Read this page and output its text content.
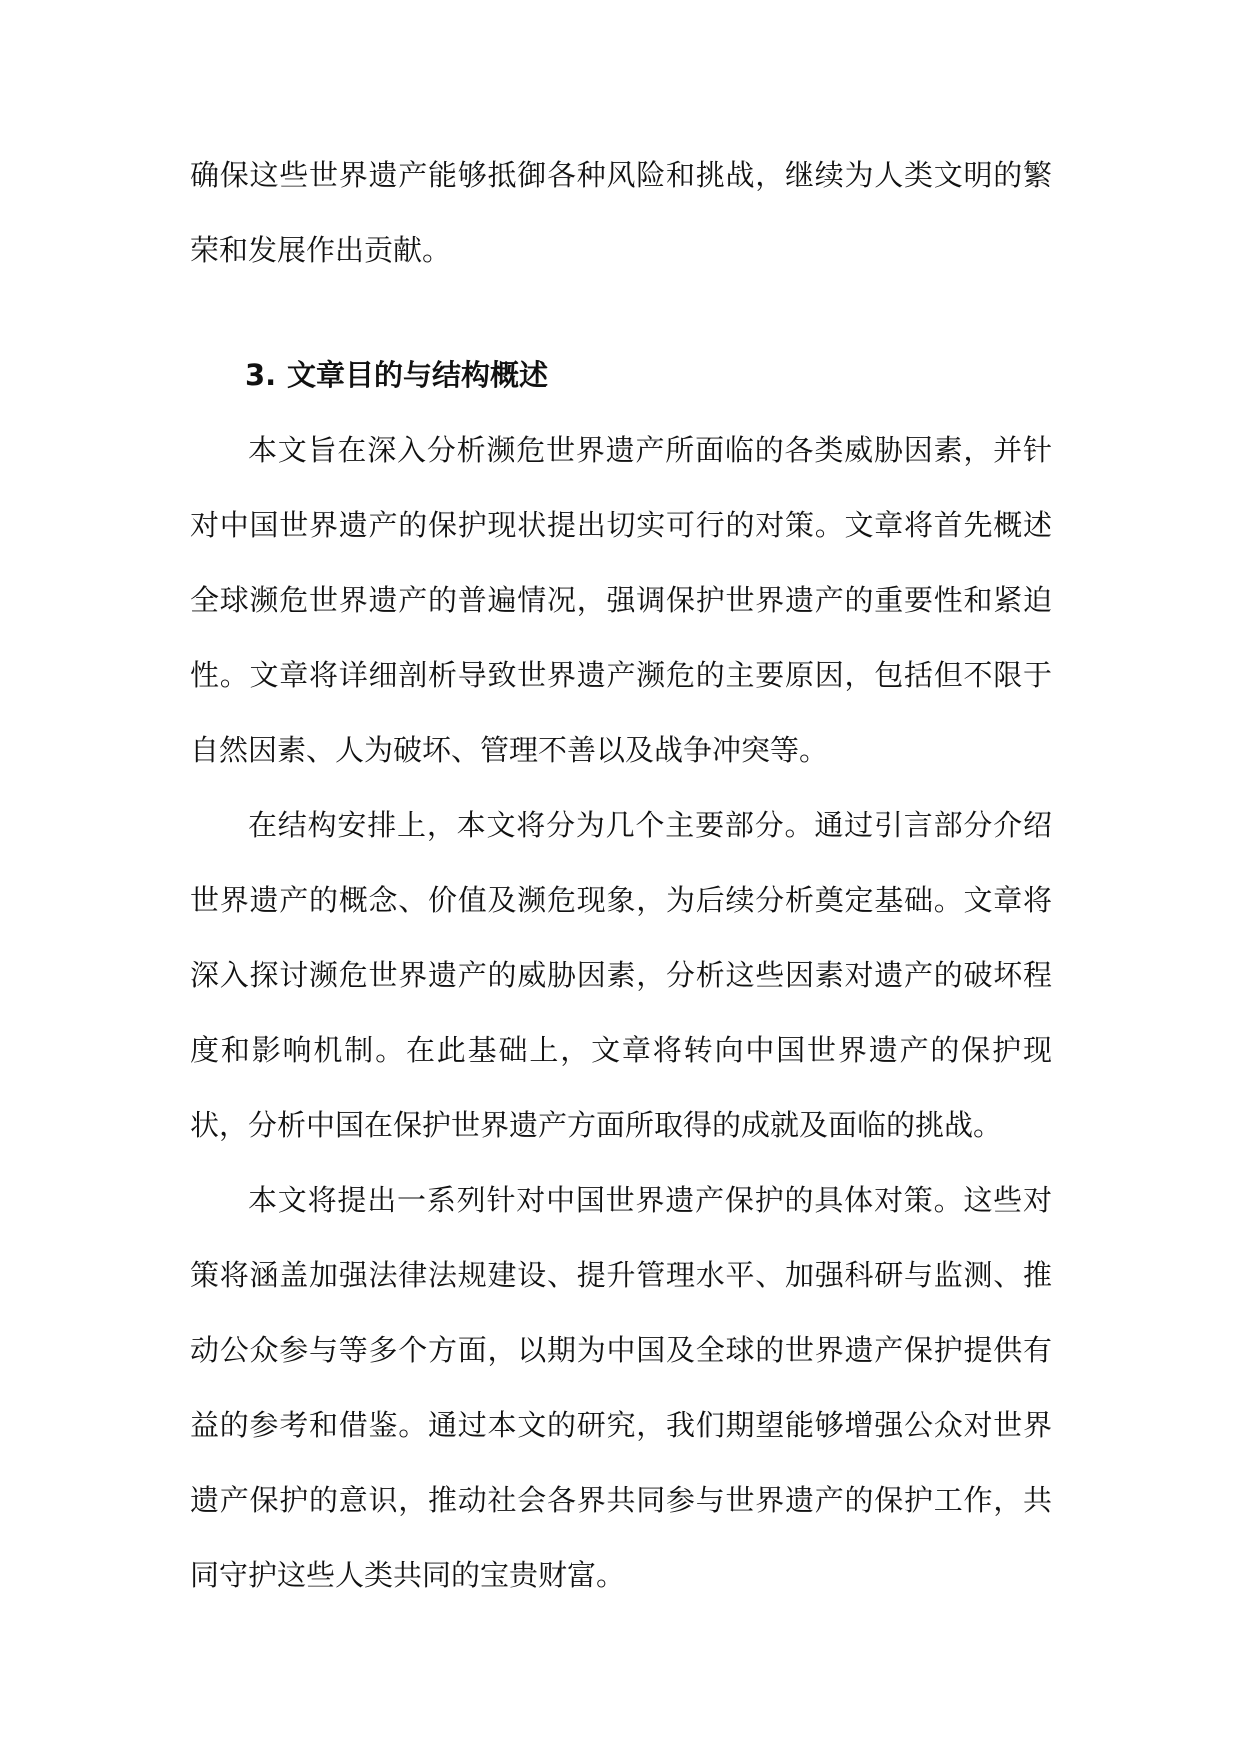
确保这些世界遗产能够抵御各种风险和挑战，继续为人类文明的繁荣和发展作出贡献。

3. 文章目的与结构概述

本文旨在深入分析濒危世界遗产所面临的各类威胁因素，并针对中国世界遗产的保护现状提出切实可行的对策。文章将首先概述全球濒危世界遗产的普遍情况，强调保护世界遗产的重要性和紧迫性。文章将详细剖析导致世界遗产濒危的主要原因，包括但不限于自然因素、人为破坏、管理不善以及战争冲突等。

在结构安排上，本文将分为几个主要部分。通过引言部分介绍世界遗产的概念、价值及濒危现象，为后续分析奠定基础。文章将深入探讨濒危世界遗产的威胁因素，分析这些因素对遗产的破坏程度和影响机制。在此基础上，文章将转向中国世界遗产的保护现状，分析中国在保护世界遗产方面所取得的成就及面临的挑战。

本文将提出一系列针对中国世界遗产保护的具体对策。这些对策将涵盖加强法律法规建设、提升管理水平、加强科研与监测、推动公众参与等多个方面，以期为中国及全球的世界遗产保护提供有益的参考和借鉴。通过本文的研究，我们期望能够增强公众对世界遗产保护的意识，推动社会各界共同参与世界遗产的保护工作，共同守护这些人类共同的宝贵财富。
